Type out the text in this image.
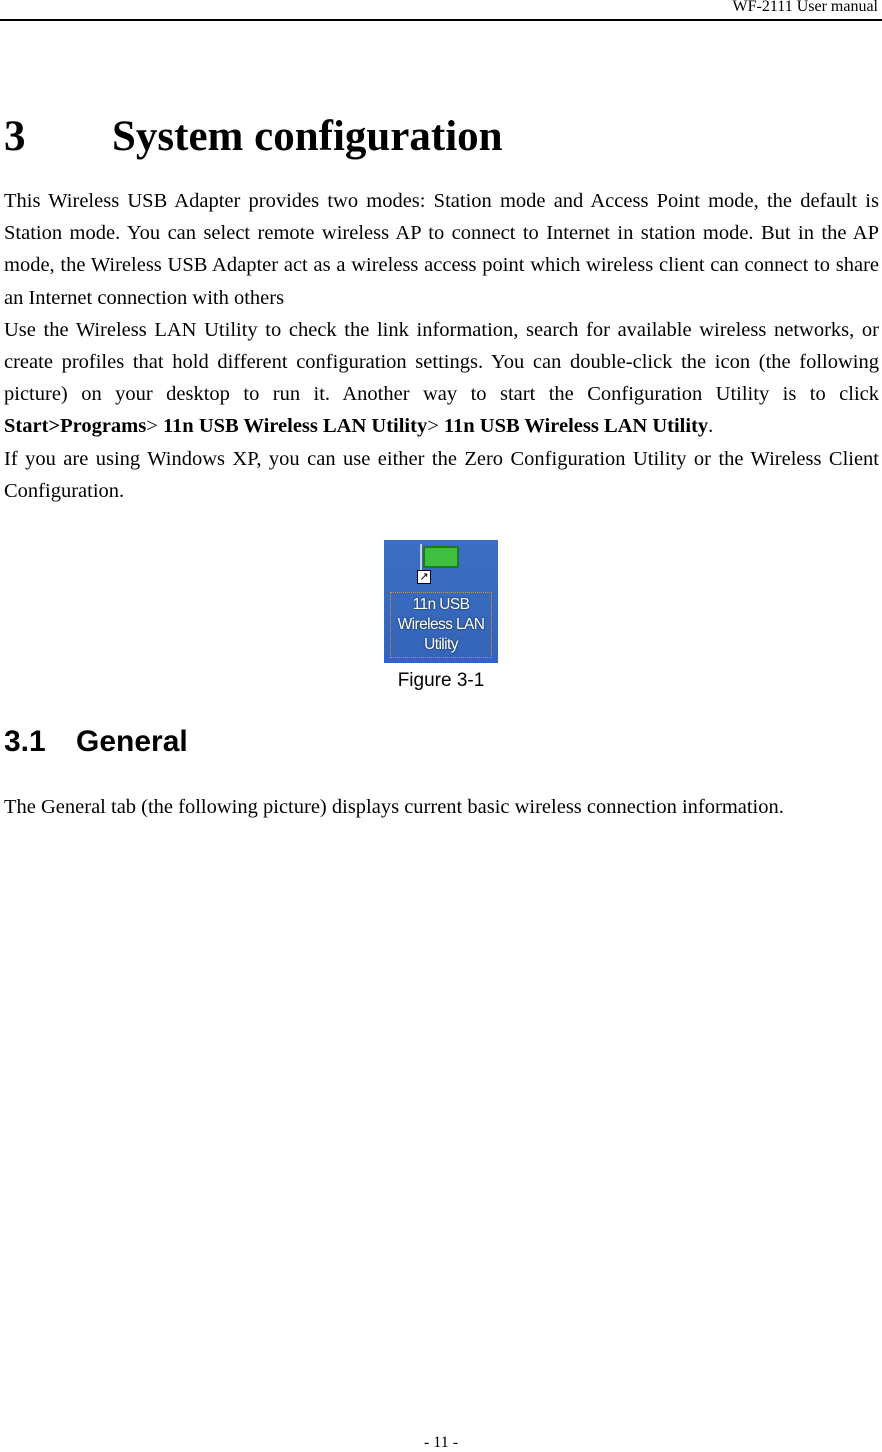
WF-2111 User manual
3 System configuration

This Wireless USB Adapter provides two modes: Station mode and Access Point mode, the default is Station mode. You can select remote wireless AP to connect to Internet in station mode. But in the AP mode, the Wireless USB Adapter act as a wireless access point which wireless client can connect to share an Internet connection with others

Use the Wireless LAN Utility to check the link information, search for available wireless networks, or create profiles that hold different configuration settings. You can double-click the icon (the following picture) on your desktop to run it. Another way to start the Configuration Utility is to click Start>Programs> 11n USB Wireless LAN Utility> 11n USB Wireless LAN Utility.

If you are using Windows XP, you can use either the Zero Configuration Utility or the Wireless Client Configuration.

↗
11n USB Wireless LAN Utility
Figure 3-1
3.1 General
The General tab (the following picture) displays current basic wireless connection information.
- 11 -
